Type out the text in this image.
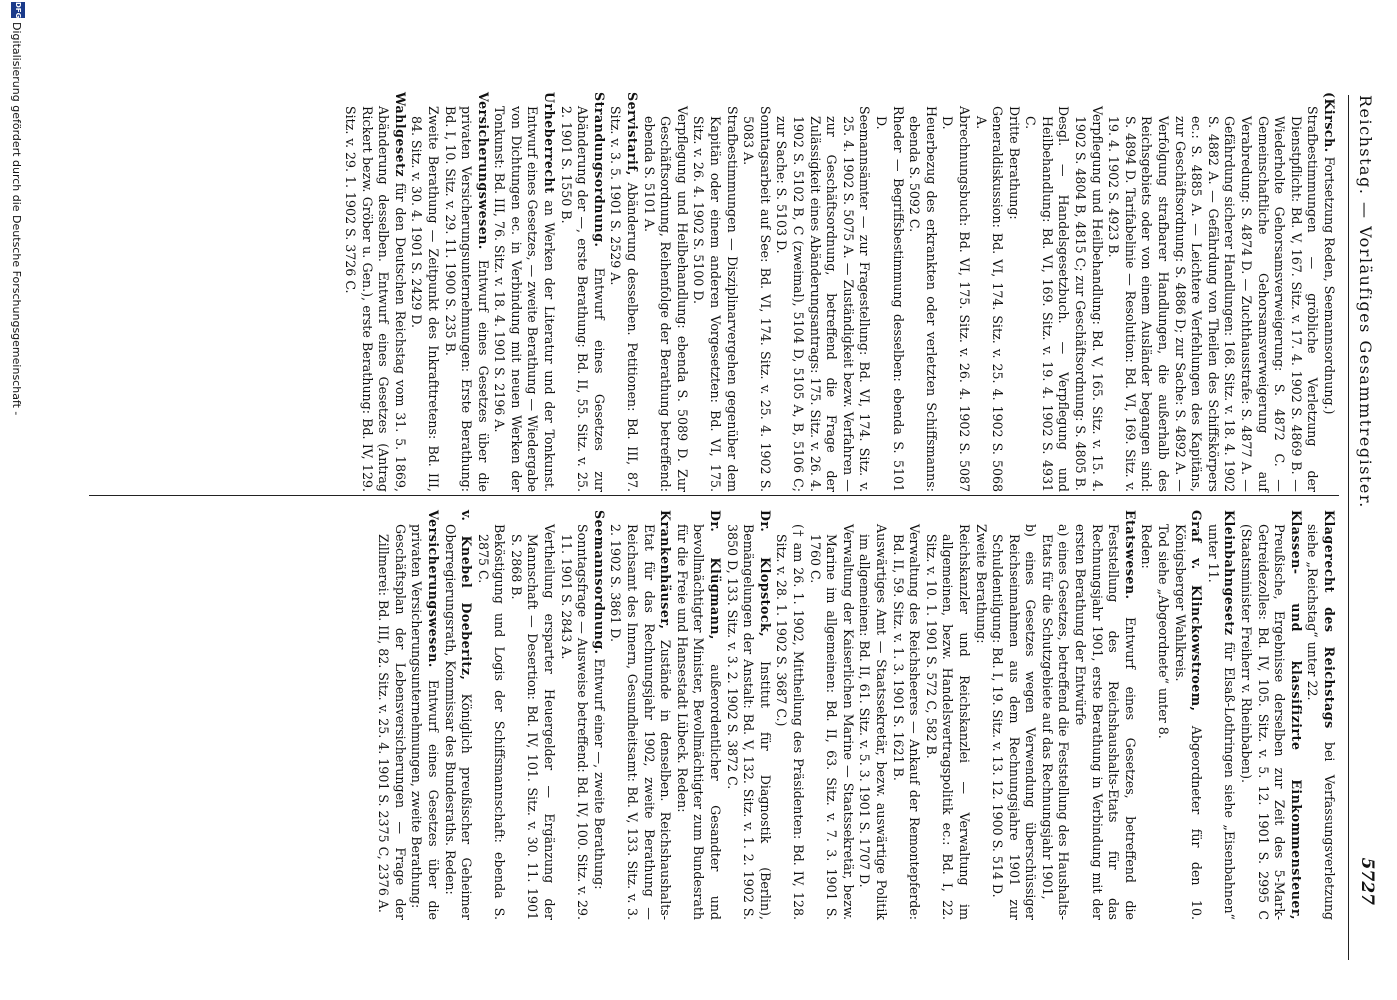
Reichstag. — Vorläufiges Gesammtregister.
5727

(Kirsch. Fortsetzung Reden, Seemannsordnung.)

Strafbestimmungen — gröbliche Verletzung der Dienstpflicht: Bd. V, 167. Sitz. v. 17. 4. 1902 S. 4869 B. — Wiederholte Gehorsamsverweigerung: S. 4872 C. — Gemeinschaftliche Gehorsamsverweigerung auf Verabredung: S. 4874 D. — Zuchthausstrafe: S. 4877 A. — Gefährdung sicherer Handlungen: 168. Sitz. v. 18. 4. 1902 S. 4882 A. — Gefährdung von Theilen des Schiffskörpers ec.: S. 4885 A. — Leichtere Verfehlungen des Kapitäns, zur Geschäftsordnung: S. 4886 D; zur Sache: S. 4892 A. — Verfolgung strafbarer Handlungen, die außerhalb des Reichsgebiets oder von einem Ausländer begangen sind: S. 4894 D. Tarifabelinie — Resolution: Bd. VI, 169. Sitz. v. 19. 4. 1902 S. 4923 B.

Verpflegung und Heilbehandlung: Bd. V, 165. Sitz. v. 15. 4. 1902 S. 4804 B, 4815 C; zur Geschäftsordnung: S. 4805 B.

Desgl. — Handelsgesetzbuch. — Verpflegung und Heilbehandlung: Bd. VI, 169. Sitz. v. 19. 4. 1902 S. 4931 C.

Dritte Berathung:

Generaldiskussion: Bd. VI, 174. Sitz. v. 25. 4. 1902 S. 5068 A.

Abrechnungsbuch: Bd. VI, 175. Sitz. v. 26. 4. 1902 S. 5087 D.

Heuerbezug des erkrankten oder verletzten Schiffsmanns: ebenda S. 5092 C.

Rheder — Begriffsbestimmung desselben: ebenda S. 5101 D.

Seemannsämter — zur Fragestellung: Bd. VI, 174. Sitz. v. 25. 4. 1902 S. 5075 A. — Zuständigkeit bezw. Verfahren — zur Geschäftsordnung, betreffend die Frage der Zulässigkeit eines Abänderungsantrags: 175. Sitz. v. 26. 4. 1902 S. 5102 B, C (zweimal), 5104 D, 5105 A, B, 5106 C; zur Sache: S. 5103 D.

Sonntagsarbeit auf See: Bd. VI, 174. Sitz. v. 25. 4. 1902 S. 5083 A.

Strafbestimmungen — Disziplinarvergehen gegenüber dem Kapitän oder einem anderen Vorgesetzten: Bd. VI, 175. Sitz. v. 26. 4. 1902 S. 5100 D.

Verpflegung und Heilbehandlung: ebenda S. 5089 D. Zur Geschäftsordnung, Reihenfolge der Berathung betreffend: ebenda S. 5101 A.

Servistarif, Abänderung desselben. Petitionen: Bd. III, 87. Sitz. v. 3. 5. 1901 S. 2529 A.

Strandungsordnung. Entwurf eines Gesetzes zur Abänderung der —, erste Berathung: Bd. II, 55. Sitz. v. 25. 2. 1901 S. 1550 B.

Urheberrecht an Werken der Literatur und der Tonkunst. Entwurf eines Gesetzes, — zweite Berathung — Wiedergabe von Dichtungen ec. in Verbindung mit neuen Werken der Tonkunst: Bd. III, 76. Sitz. v. 18. 4. 1901 S. 2196 A.

Versicherungswesen. Entwurf eines Gesetzes über die privaten Versicherungsunternehmungen: Erste Berathung: Bd. I, 10. Sitz. v. 29. 11. 1900 S. 235 B.

Zweite Berathung — Zeitpunkt des Inkrafttretens: Bd. III, 84. Sitz. v. 30. 4. 1901 S. 2429 D.

Wahlgesetz für den Deutschen Reichstag vom 31. 5. 1869, Abänderung desselben. Entwurf eines Gesetzes (Antrag Rickert bezw. Gröber u. Gen.), erste Berathung: Bd. IV, 129. Sitz. v. 29. 1. 1902 S. 3726 C.

Klagerecht des Reichstags bei Verfassungsverletzung siehe „Reichstag“ unter 22.

Klassen- und klassifizirte Einkommensteuer, Preußische, Ergebnisse derselben zur Zeit des 5-Mark-Getreidezolles: Bd. IV, 105. Sitz. v. 5. 12. 1901 S. 2995 C (Staatsminister Freiherr v. Rheinbaben).

Kleinbahngesetz für Elsaß-Lothringen siehe „Eisenbahnen“ unter 11.

Graf v. Klinckowstroem, Abgeordneter für den 10. Königsberger Wahlkreis.

Tod siehe „Abgeordnete“ unter 8.

Reden:

Etatswesen. Entwurf eines Gesetzes, betreffend die Feststellung des Reichshaushalts-Etats für das Rechnungsjahr 1901, erste Berathung in Verbindung mit der ersten Berathung der Entwürfe

a) eines Gesetzes, betreffend die Feststellung des Haushalts-Etats für die Schutzgebiete auf das Rechnungsjahr 1901,

b) eines Gesetzes wegen Verwendung überschüssiger Reichseinnahmen aus dem Rechnungsjahre 1901 zur Schuldentilgung: Bd. I, 19. Sitz. v. 13. 12. 1900 S. 514 D.

Zweite Berathung:

Reichskanzler und Reichskanzlei — Verwaltung im allgemeinen, bezw. Handelsvertragspolitik ec.: Bd. I, 22. Sitz. v. 10. 1. 1901 S. 572 C, 582 B.

Verwaltung des Reichsheeres — Ankauf der Remontepferde: Bd. II, 59. Sitz. v. 1. 3. 1901 S. 1621 B.

Auswärtiges Amt — Staatssekretär, bezw. auswärtige Politik im allgemeinen: Bd. II, 61. Sitz. v. 5. 3. 1901 S. 1707 D.

Verwaltung der Kaiserlichen Marine — Staatssekretär, bezw. Marine im allgemeinen: Bd. II, 63. Sitz. v. 7. 3. 1901 S. 1760 C.

(† am 26. 1. 1902, Mittheilung des Präsidenten: Bd. IV, 128. Sitz. v. 28. 1. 1902 S. 3687 C.)

Dr. Klopstock, Institut für Diagnostik (Berlin), Bemängelungen der Anstalt: Bd. V, 132. Sitz. v. 1. 2. 1902 S. 3850 D, 133. Sitz. v. 3. 2. 1902 S. 3872 C.

Dr. Klügmann, außerordentlicher Gesandter und bevollmächtigter Minister, Bevollmächtigter zum Bundesrath für die Freie und Hansestadt Lübeck. Reden:

Krankenhäuser, Zustände in denselben. Reichshaushalts-Etat für das Rechnungsjahr 1902, zweite Berathung — Reichsamt des Innern, Gesundheitsamt: Bd. V, 133. Sitz. v. 3. 2. 1902 S. 3861 D.

Seemannsordnung. Entwurf einer —, zweite Berathung:

Sonntagsfrage — Ausweise betreffend: Bd. IV, 100. Sitz. v. 29. 11. 1901 S. 2843 A.

Vertheilung ersparter Heuergelder — Ergänzung der Mannschaft — Desertion: Bd. IV, 101. Sitz. v. 30. 11. 1901 S. 2868 B.

Beköstigung und Logis der Schiffsmannschaft: ebenda S. 2875 C.

v. Knebel Doeberitz, Königlich preußischer Geheimer Oberregierungsrath, Kommissar des Bundesraths. Reden:

Versicherungswesen. Entwurf eines Gesetzes über die privaten Versicherungsunternehmungen, zweite Berathung:

Geschäftsplan der Lebensversicherungen — Frage der Zillmerei: Bd. III, 82. Sitz. v. 25. 4. 1901 S. 2375 C, 2376 A.

DFG
Digitalisierung gefördert durch die Deutsche Forschungsgemeinschaft -
